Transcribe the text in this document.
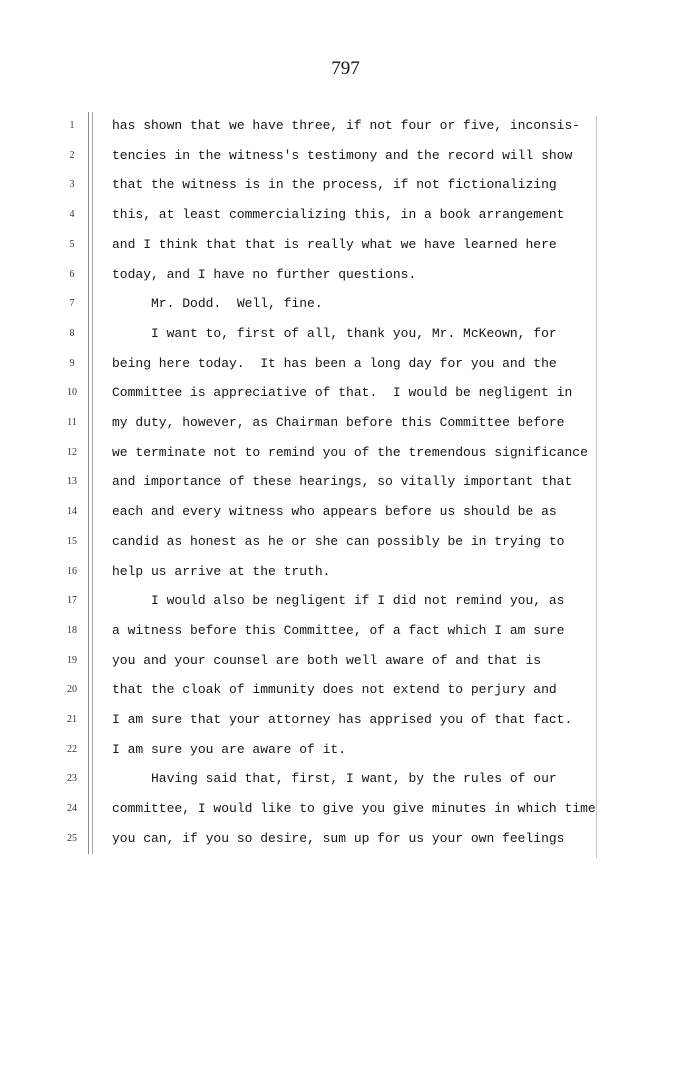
797
1
2
3
4
5
6
7
8
9
10
11
12
13
14
15
16
17
18
19
20
21
22
23
24
25
has shown that we have three, if not four or five, inconsis-
tencies in the witness's testimony and the record will show
that the witness is in the process, if not fictionalizing
this, at least commercializing this, in a book arrangement
and I think that that is really what we have learned here
today, and I have no further questions.
Mr. Dodd.  Well, fine.
I want to, first of all, thank you, Mr. McKeown, for
being here today.  It has been a long day for you and the
Committee is appreciative of that.  I would be negligent in
my duty, however, as Chairman before this Committee before
we terminate not to remind you of the tremendous significance
and importance of these hearings, so vitally important that
each and every witness who appears before us should be as
candid as honest as he or she can possibly be in trying to
help us arrive at the truth.
I would also be negligent if I did not remind you, as
a witness before this Committee, of a fact which I am sure
you and your counsel are both well aware of and that is
that the cloak of immunity does not extend to perjury and
I am sure that your attorney has apprised you of that fact.
I am sure you are aware of it.
Having said that, first, I want, by the rules of our
committee, I would like to give you give minutes in which time
you can, if you so desire, sum up for us your own feelings
